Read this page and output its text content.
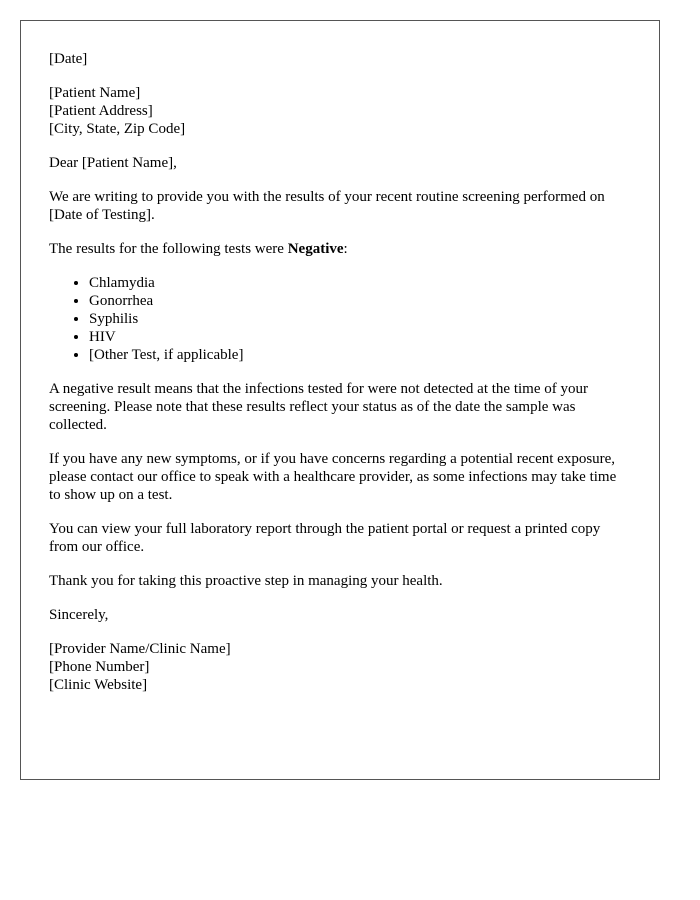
[Date]

[Patient Name]
[Patient Address]
[City, State, Zip Code]

Dear [Patient Name],

We are writing to provide you with the results of your recent routine screening performed on [Date of Testing].

The results for the following tests were Negative:

• Chlamydia
• Gonorrhea
• Syphilis
• HIV
• [Other Test, if applicable]

A negative result means that the infections tested for were not detected at the time of your screening. Please note that these results reflect your status as of the date the sample was collected.

If you have any new symptoms, or if you have concerns regarding a potential recent exposure, please contact our office to speak with a healthcare provider, as some infections may take time to show up on a test.

You can view your full laboratory report through the patient portal or request a printed copy from our office.

Thank you for taking this proactive step in managing your health.

Sincerely,

[Provider Name/Clinic Name]
[Phone Number]
[Clinic Website]
